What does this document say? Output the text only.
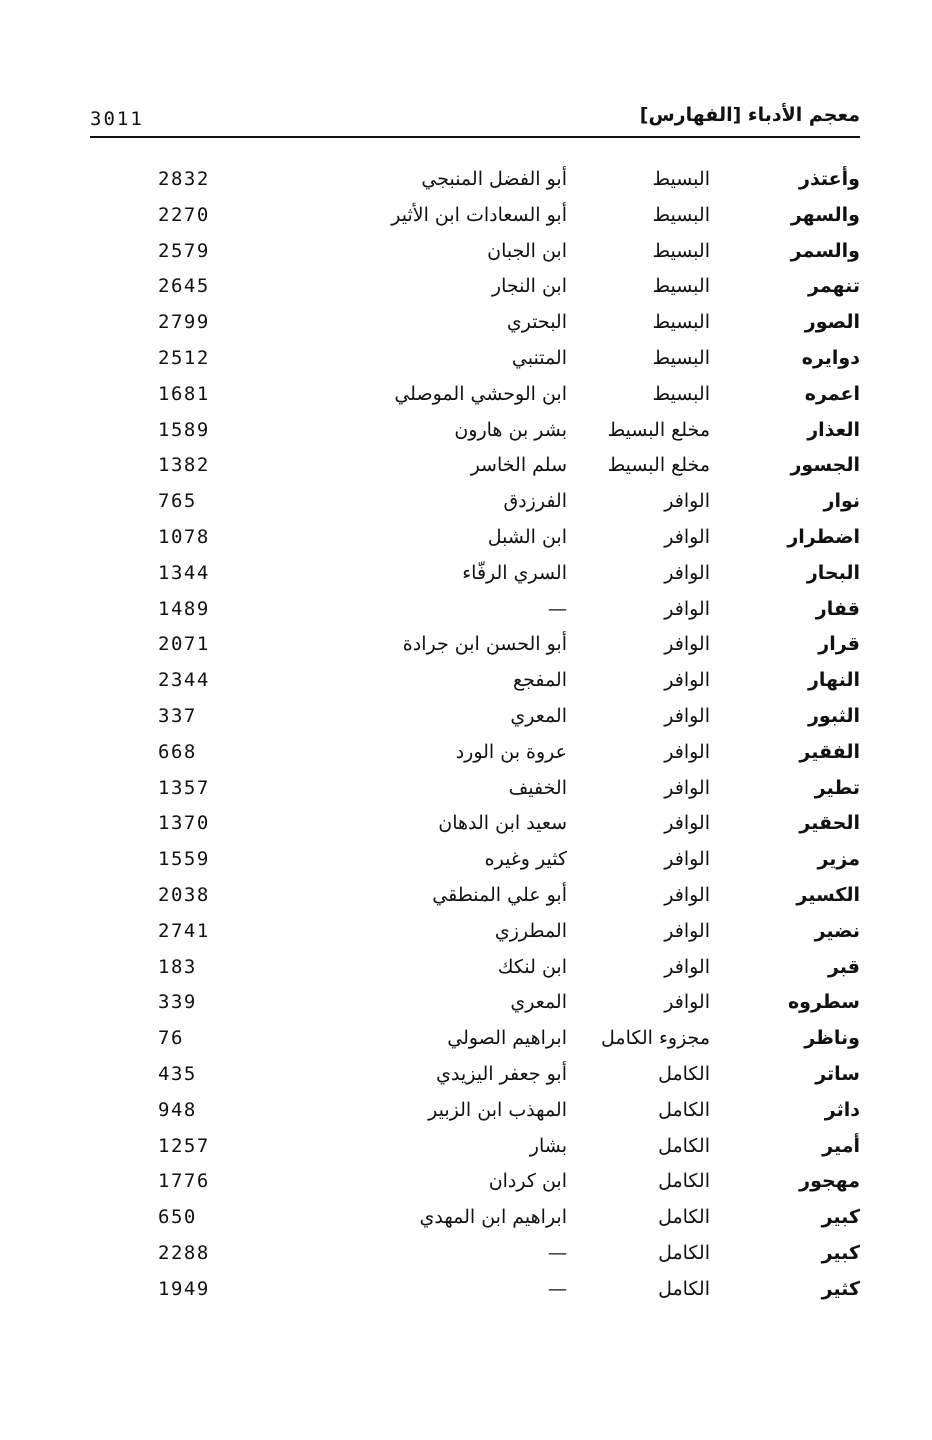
3011	معجم الأدباء [الفهارس]
وأعتذر
البسيط
أبو الفضل المنبجي
2832
والسهر
البسيط
أبو السعادات ابن الأثير
2270
والسمر
البسيط
ابن الجبان
2579
تنهمر
البسيط
ابن النجار
2645
الصور
البسيط
البحتري
2799
دوايره
البسيط
المتنبي
2512
اعمره
البسيط
ابن الوحشي الموصلي
1681
العذار
مخلع البسيط
بشر بن هارون
1589
الجسور
مخلع البسيط
سلم الخاسر
1382
نوار
الوافر
الفرزدق
765
اضطرار
الوافر
ابن الشبل
1078
البحار
الوافر
السري الرفّاء
1344
قفار
الوافر
—
1489
قرار
الوافر
أبو الحسن ابن جرادة
2071
النهار
الوافر
المفجع
2344
الثبور
الوافر
المعري
337
الفقير
الوافر
عروة بن الورد
668
تطير
الوافر
الخفيف
1357
الحقير
الوافر
سعيد ابن الدهان
1370
مزير
الوافر
كثير وغيره
1559
الكسير
الوافر
أبو علي المنطقي
2038
نضير
الوافر
المطرزي
2741
قبر
الوافر
ابن لنكك
183
سطروه
الوافر
المعري
339
وناظر
مجزوء الكامل
ابراهيم الصولي
76
ساتر
الكامل
أبو جعفر اليزيدي
435
داثر
الكامل
المهذب ابن الزبير
948
أمير
الكامل
بشار
1257
مهجور
الكامل
ابن كردان
1776
كبير
الكامل
ابراهيم ابن المهدي
650
كبير
الكامل
—
2288
كثير
الكامل
—
1949
